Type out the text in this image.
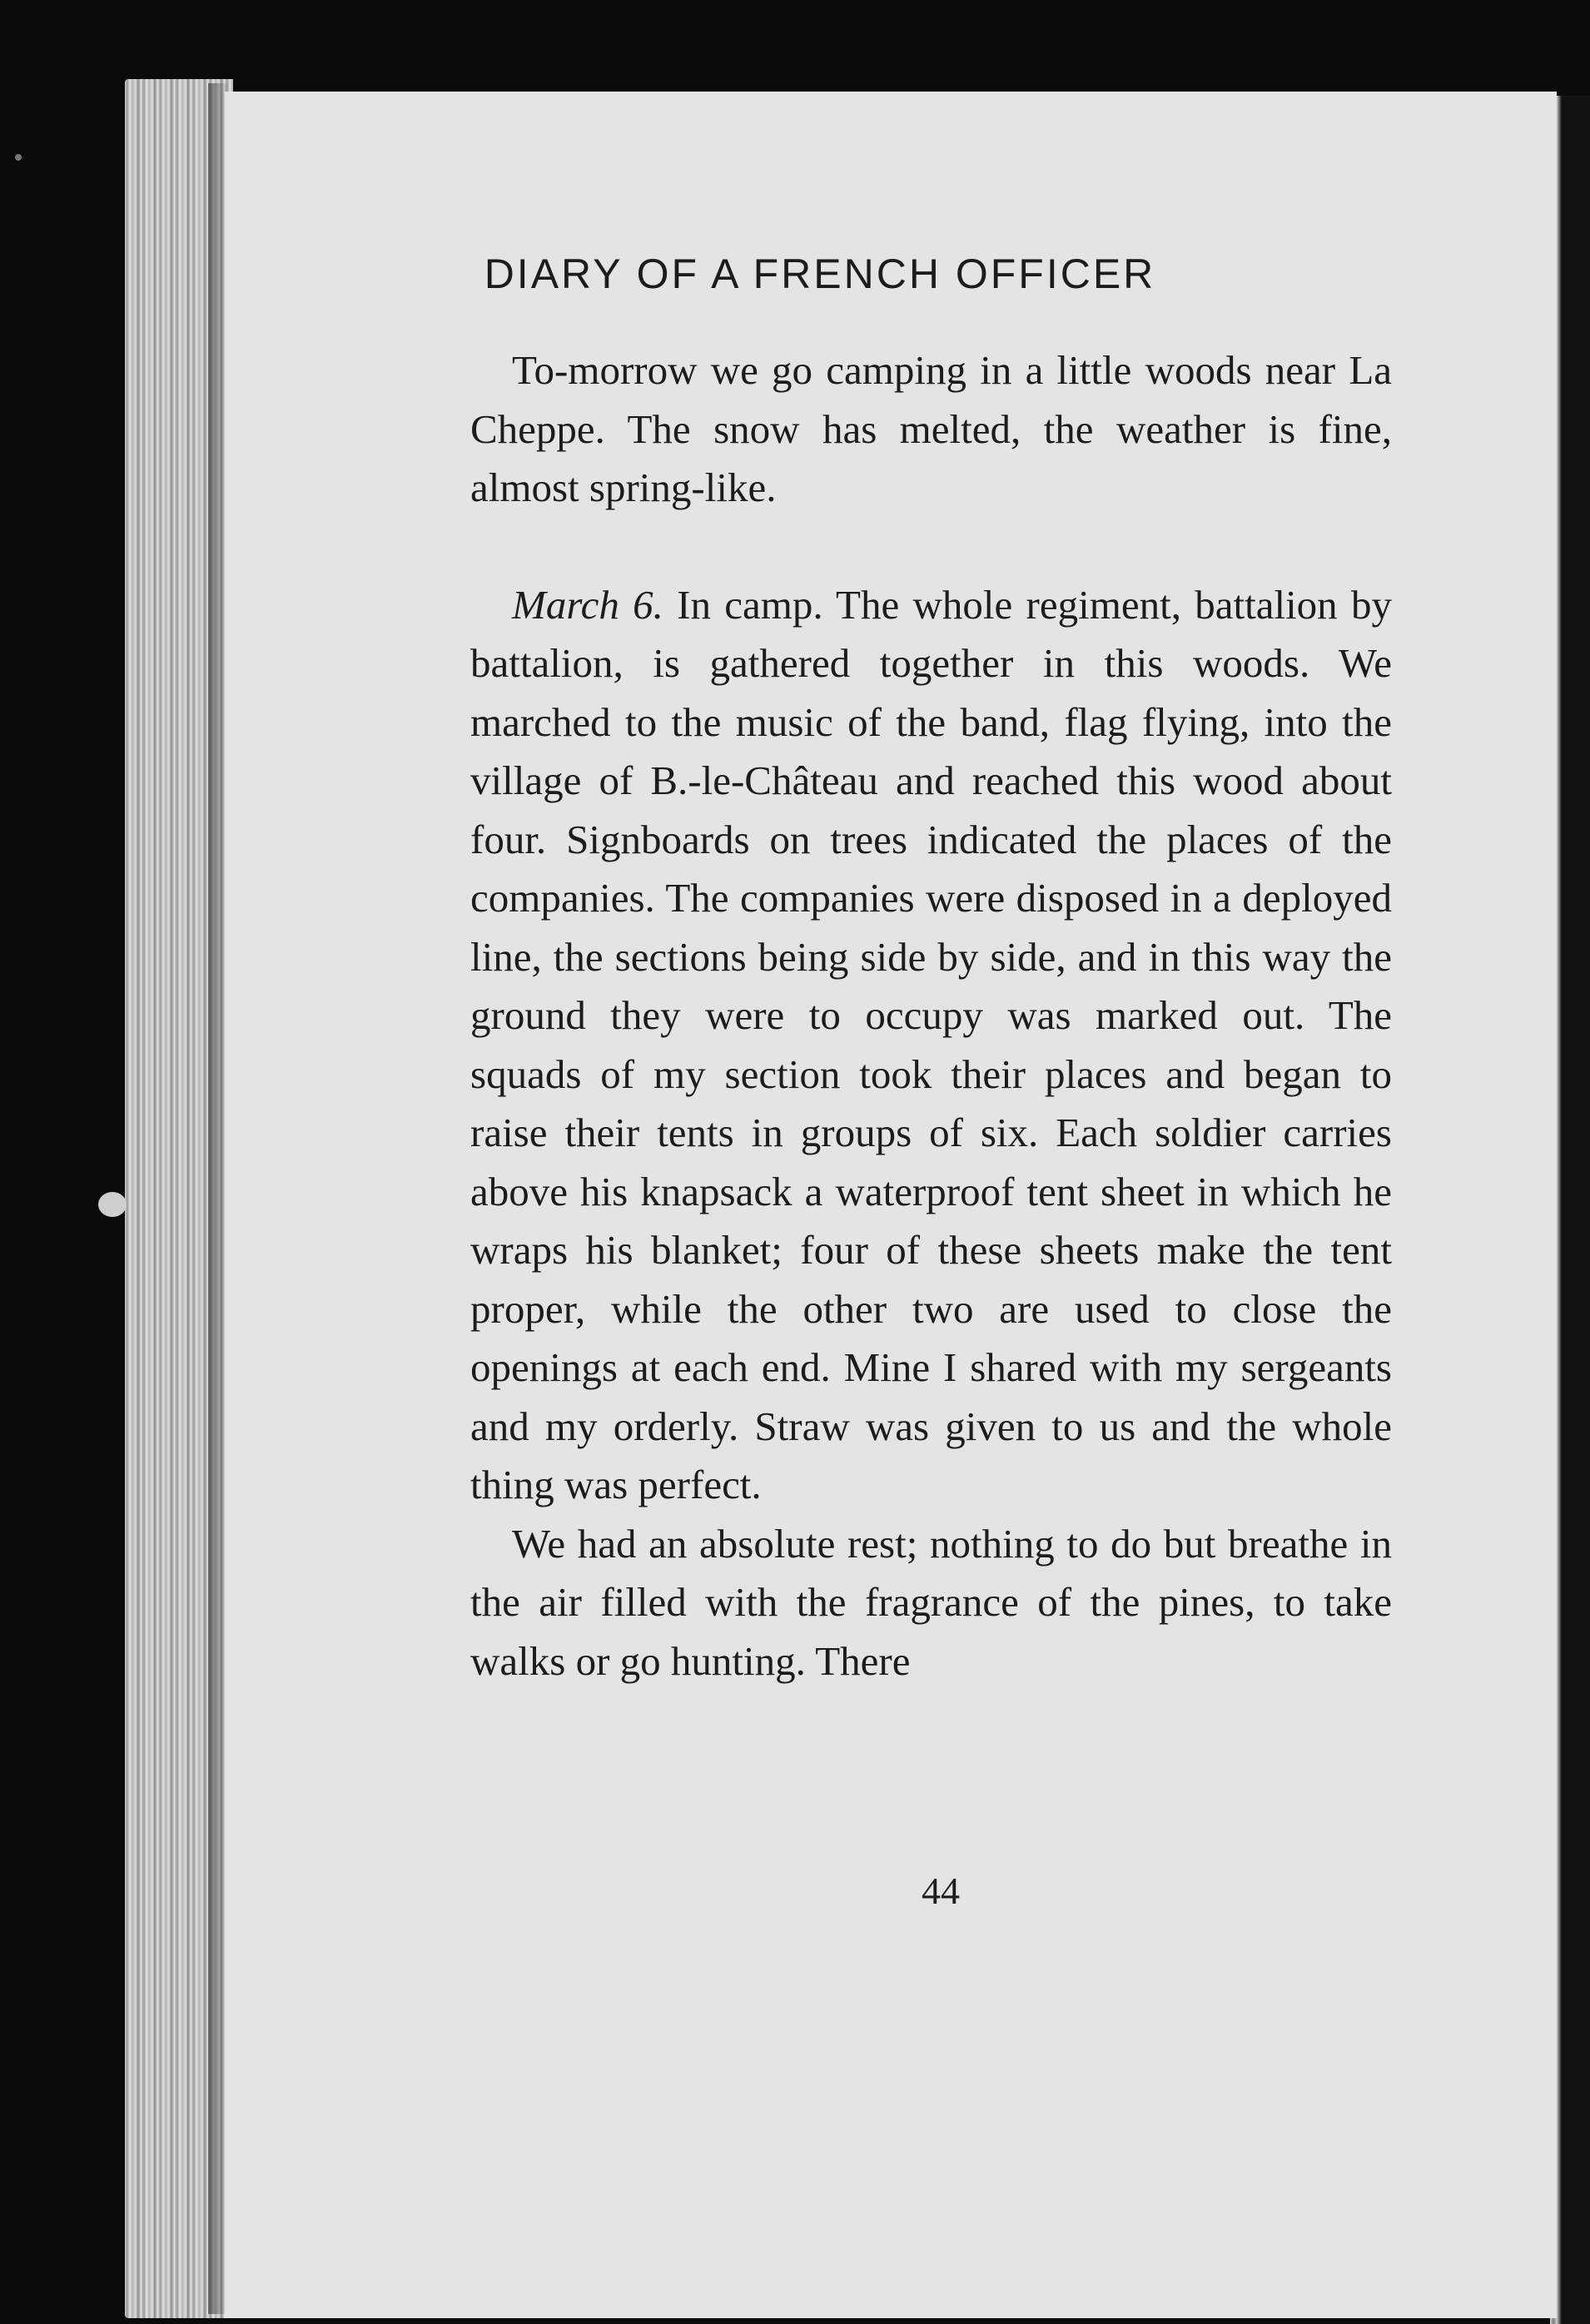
DIARY OF A FRENCH OFFICER

To-morrow we go camping in a little woods near La Cheppe. The snow has melted, the weather is fine, almost spring-like.

March 6. In camp. The whole regiment, battalion by battalion, is gathered together in this woods. We marched to the music of the band, flag flying, into the village of B.-le-Château and reached this wood about four. Signboards on trees indicated the places of the companies. The companies were disposed in a deployed line, the sections being side by side, and in this way the ground they were to occupy was marked out. The squads of my section took their places and began to raise their tents in groups of six. Each soldier carries above his knapsack a waterproof tent sheet in which he wraps his blanket; four of these sheets make the tent proper, while the other two are used to close the openings at each end. Mine I shared with my sergeants and my orderly. Straw was given to us and the whole thing was perfect.

We had an absolute rest; nothing to do but breathe in the air filled with the fragrance of the pines, to take walks or go hunting. There

44
